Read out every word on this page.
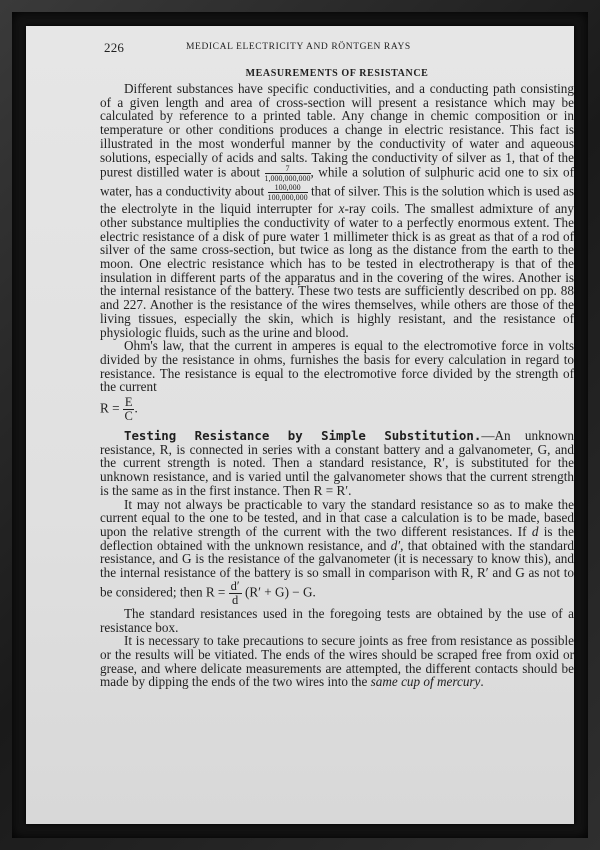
226	MEDICAL ELECTRICITY AND RÖNTGEN RAYS
MEASUREMENTS OF RESISTANCE

Different substances have specific conductivities, and a conducting path consisting of a given length and area of cross-section will present a resistance which may be calculated by reference to a printed table. Any change in chemic composition or in temperature or other conditions produces a change in electric resistance. This fact is illustrated in the most wonderful manner by the conductivity of water and aqueous solutions, especially of acids and salts. Taking the conductivity of silver as 1, that of the purest distilled water is about $\frac{7}{1,000,000,000}$ , while a solution of sulphuric acid one to six of water, has a conductivity about $\frac{100,000}{100,000,000}$ that of silver. This is the solution which is used as the electrolyte in the liquid interrupter for x-ray coils. The smallest admixture of any other substance multiplies the conductivity of water to a perfectly enormous extent. The electric resistance of a disk of pure water 1 millimeter thick is as great as that of a rod of silver of the same cross-section, but twice as long as the distance from the earth to the moon. One electric resistance which has to be tested in electrotherapy is that of the insulation in different parts of the apparatus and in the covering of the wires. Another is the internal resistance of the battery. These two tests are sufficiently described on pp. 88 and 227. Another is the resistance of the wires themselves, while others are those of the living tissues, especially the skin, which is highly resistant, and the resistance of physiologic fluids, such as the urine and blood.

Ohm's law, that the current in amperes is equal to the electromotive force in volts divided by the resistance in ohms, furnishes the basis for every calculation in regard to resistance. The resistance is equal to the electromotive force divided by the strength of the current

$R = \frac{E}{C}$ .

Testing Resistance by Simple Substitution.—An unknown resistance, R, is connected in series with a constant battery and a galvanometer, G, and the current strength is noted. Then a standard resistance, R′, is substituted for the unknown resistance, and is varied until the galvanometer shows that the current strength is the same as in the first instance. Then R = R′.

It may not always be practicable to vary the standard resistance so as to make the current equal to the one to be tested, and in that case a calculation is to be made, based upon the relative strength of the current with the two different resistances. If d is the deflection obtained with the unknown resistance, and d′, that obtained with the standard resistance, and G is the resistance of the galvanometer (it is necessary to know this), and the internal resistance of the battery is so small in comparison with R, R′ and G as not to be considered; then $R = \frac{d'}{d} (R' + G) - G$.

The standard resistances used in the foregoing tests are obtained by the use of a resistance box.

It is necessary to take precautions to secure joints as free from resistance as possible or the results will be vitiated. The ends of the wires should be scraped free from oxid or grease, and where delicate measurements are attempted, the different contacts should be made by dipping the ends of the two wires into the same cup of mercury.
